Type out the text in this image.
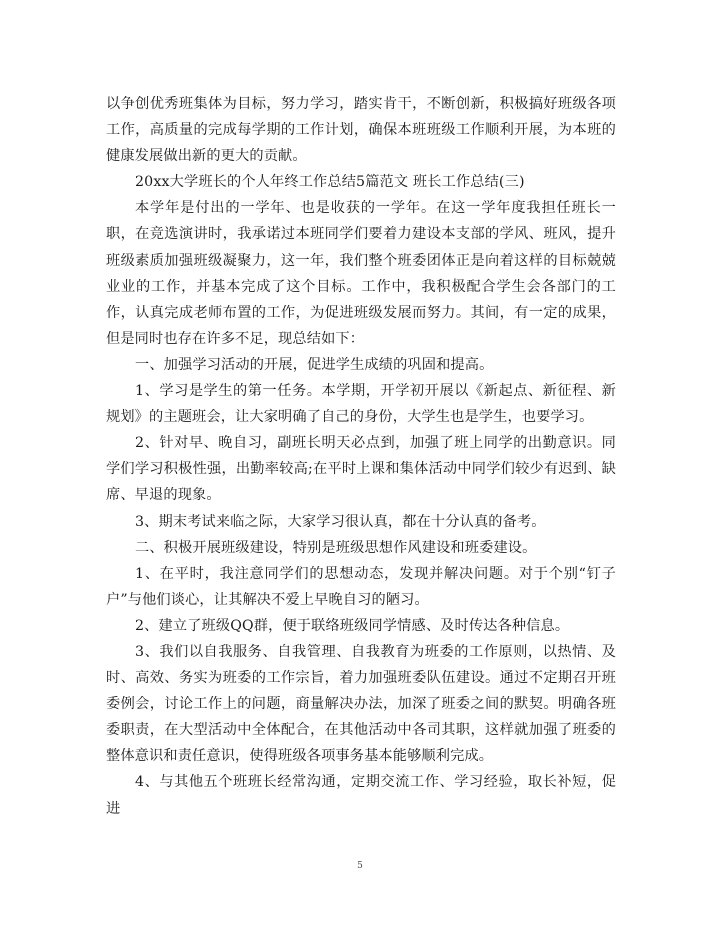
以争创优秀班集体为目标，努力学习，踏实肯干，不断创新，积极搞好班级各项工作，高质量的完成每学期的工作计划，确保本班班级工作顺利开展，为本班的健康发展做出新的更大的贡献。

20xx大学班长的个人年终工作总结5篇范文 班长工作总结(三)

本学年是付出的一学年、也是收获的一学年。在这一学年度我担任班长一职，在竞选演讲时，我承诺过本班同学们要着力建设本支部的学风、班风，提升班级素质加强班级凝聚力，这一年，我们整个班委团体正是向着这样的目标兢兢业业的工作，并基本完成了这个目标。工作中，我积极配合学生会各部门的工作，认真完成老师布置的工作，为促进班级发展而努力。其间，有一定的成果，但是同时也存在许多不足，现总结如下：

一、加强学习活动的开展，促进学生成绩的巩固和提高。

1、学习是学生的第一任务。本学期，开学初开展以《新起点、新征程、新规划》的主题班会，让大家明确了自己的身份，大学生也是学生，也要学习。

2、针对早、晚自习，副班长明天必点到，加强了班上同学的出勤意识。同学们学习积极性强，出勤率较高;在平时上课和集体活动中同学们较少有迟到、缺席、早退的现象。

3、期末考试来临之际，大家学习很认真，都在十分认真的备考。

二、积极开展班级建设，特别是班级思想作风建设和班委建设。

1、在平时，我注意同学们的思想动态，发现并解决问题。对于个别“钉子户”与他们谈心，让其解决不爱上早晚自习的陋习。

2、建立了班级QQ群，便于联络班级同学情感、及时传达各种信息。

3、我们以自我服务、自我管理、自我教育为班委的工作原则，以热情、及时、高效、务实为班委的工作宗旨，着力加强班委队伍建设。通过不定期召开班委例会，讨论工作上的问题，商量解决办法，加深了班委之间的默契。明确各班委职责，在大型活动中全体配合，在其他活动中各司其职，这样就加强了班委的整体意识和责任意识，使得班级各项事务基本能够顺利完成。

4、与其他五个班班长经常沟通，定期交流工作、学习经验，取长补短，促进

5
